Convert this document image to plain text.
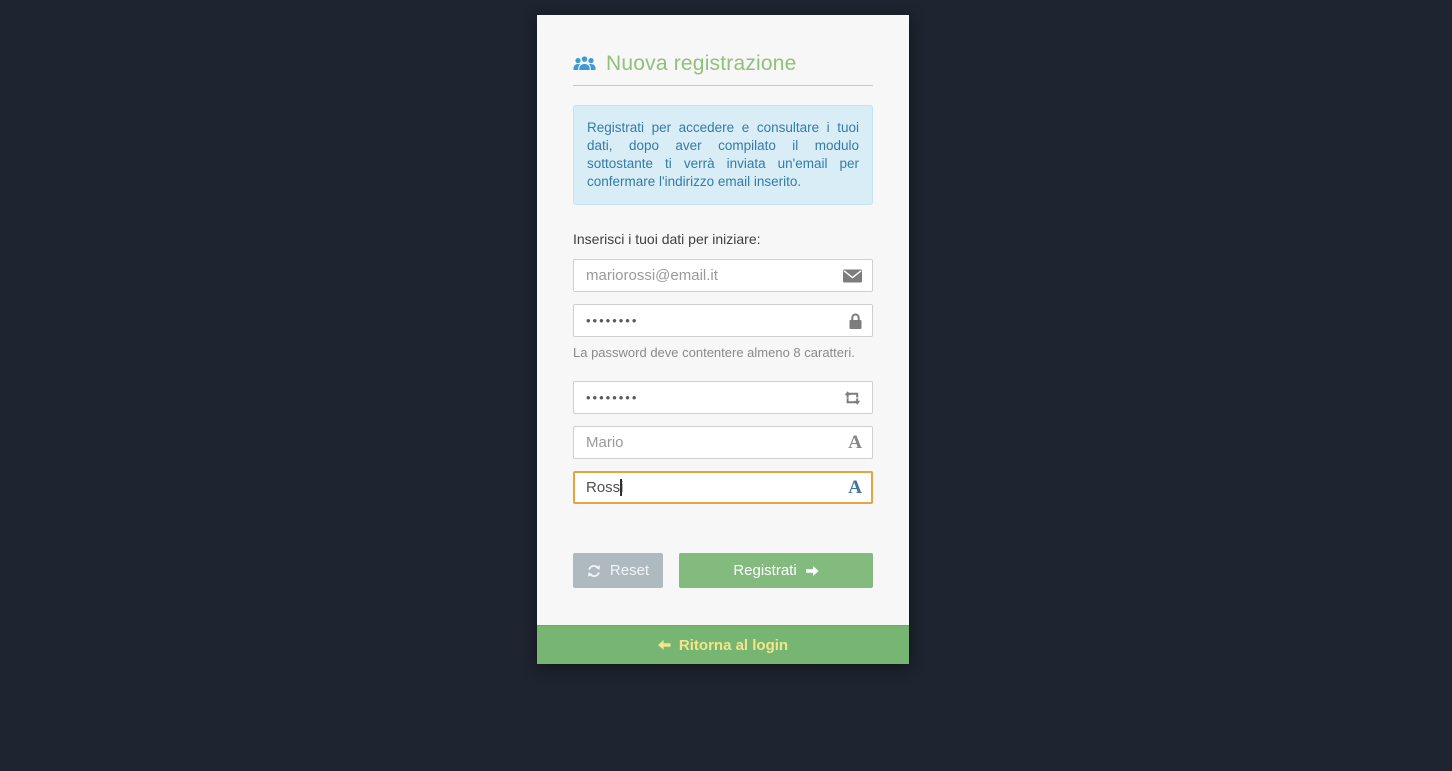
Nuova registrazione

Registrati per accedere e consultare i tuoi dati, dopo aver compilato il modulo sottostante ti verrà inviata un'email per confermare l'indirizzo email inserito.

Inserisci i tuoi dati per iniziare:

mariorossi@email.it
••••••••

La password deve contentere almeno 8 caratteri.

••••••••
Mario
Rossi
Reset	Registrati
Ritorna al login
